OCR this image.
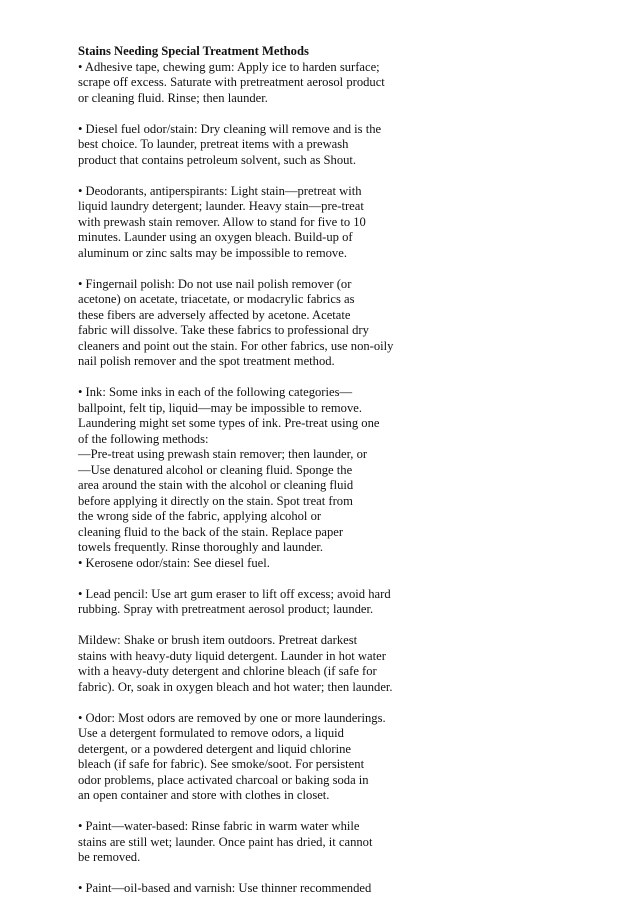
Stains Needing Special Treatment Methods
• Adhesive tape, chewing gum: Apply ice to harden surface;
scrape off excess. Saturate with pretreatment aerosol product
or cleaning fluid. Rinse; then launder.
• Diesel fuel odor/stain: Dry cleaning will remove and is the
best choice. To launder, pretreat items with a prewash
product that contains petroleum solvent, such as Shout.
• Deodorants, antiperspirants: Light stain—pretreat with
liquid laundry detergent; launder. Heavy stain—pre-treat
with prewash stain remover. Allow to stand for five to 10
minutes. Launder using an oxygen bleach. Build-up of
aluminum or zinc salts may be impossible to remove.
• Fingernail polish: Do not use nail polish remover (or
acetone) on acetate, triacetate, or modacrylic fabrics as
these fibers are adversely affected by acetone. Acetate
fabric will dissolve. Take these fabrics to professional dry
cleaners and point out the stain. For other fabrics, use non-oily
nail polish remover and the spot treatment method.
• Ink: Some inks in each of the following categories—
ballpoint, felt tip, liquid—may be impossible to remove.
Laundering might set some types of ink. Pre-treat using one
of the following methods:
—Pre-treat using prewash stain remover; then launder, or
—Use denatured alcohol or cleaning fluid. Sponge the
area around the stain with the alcohol or cleaning fluid
before applying it directly on the stain. Spot treat from
the wrong side of the fabric, applying alcohol or
cleaning fluid to the back of the stain. Replace paper
towels frequently. Rinse thoroughly and launder.
• Kerosene odor/stain: See diesel fuel.
• Lead pencil: Use art gum eraser to lift off excess; avoid hard
rubbing. Spray with pretreatment aerosol product; launder.
Mildew: Shake or brush item outdoors. Pretreat darkest
stains with heavy-duty liquid detergent. Launder in hot water
with a heavy-duty detergent and chlorine bleach (if safe for
fabric). Or, soak in oxygen bleach and hot water; then launder.
• Odor: Most odors are removed by one or more launderings.
Use a detergent formulated to remove odors, a liquid
detergent, or a powdered detergent and liquid chlorine
bleach (if safe for fabric). See smoke/soot. For persistent
odor problems, place activated charcoal or baking soda in
an open container and store with clothes in closet.
• Paint—water-based: Rinse fabric in warm water while
stains are still wet; launder. Once paint has dried, it cannot
be removed.
• Paint—oil-based and varnish: Use thinner recommended
